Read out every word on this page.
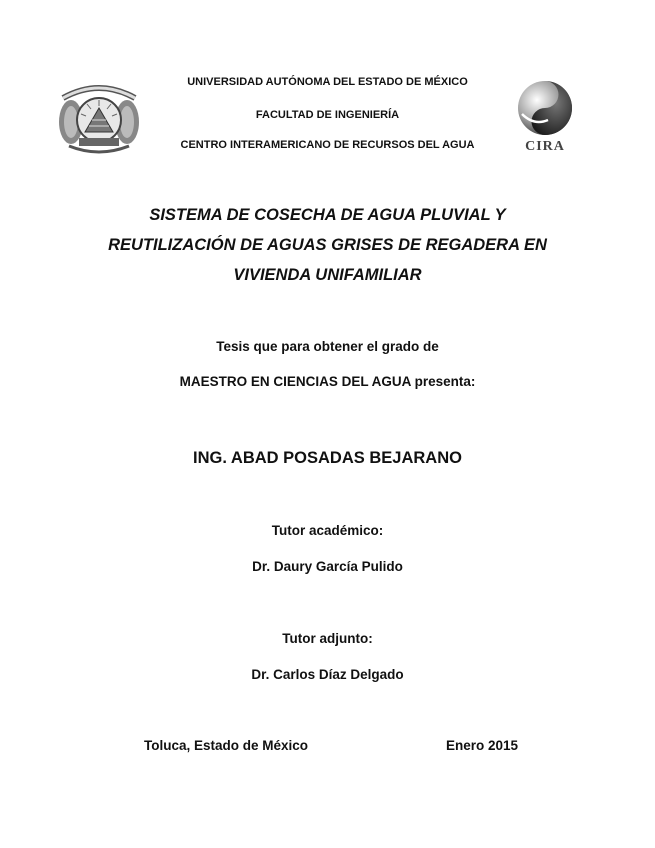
CIRA
UNIVERSIDAD AUTÓNOMA DEL ESTADO DE MÉXICO
FACULTAD DE INGENIERÍA
CENTRO INTERAMERICANO DE RECURSOS DEL AGUA
SISTEMA DE COSECHA DE AGUA PLUVIAL Y
REUTILIZACIÓN DE AGUAS GRISES DE REGADERA EN
VIVIENDA UNIFAMILIAR
Tesis que para obtener el grado de
MAESTRO EN CIENCIAS DEL AGUA presenta:
ING. ABAD POSADAS BEJARANO
Tutor académico:
Dr. Daury García Pulido
Tutor adjunto:
Dr. Carlos Díaz Delgado
Toluca, Estado de México	Enero 2015
